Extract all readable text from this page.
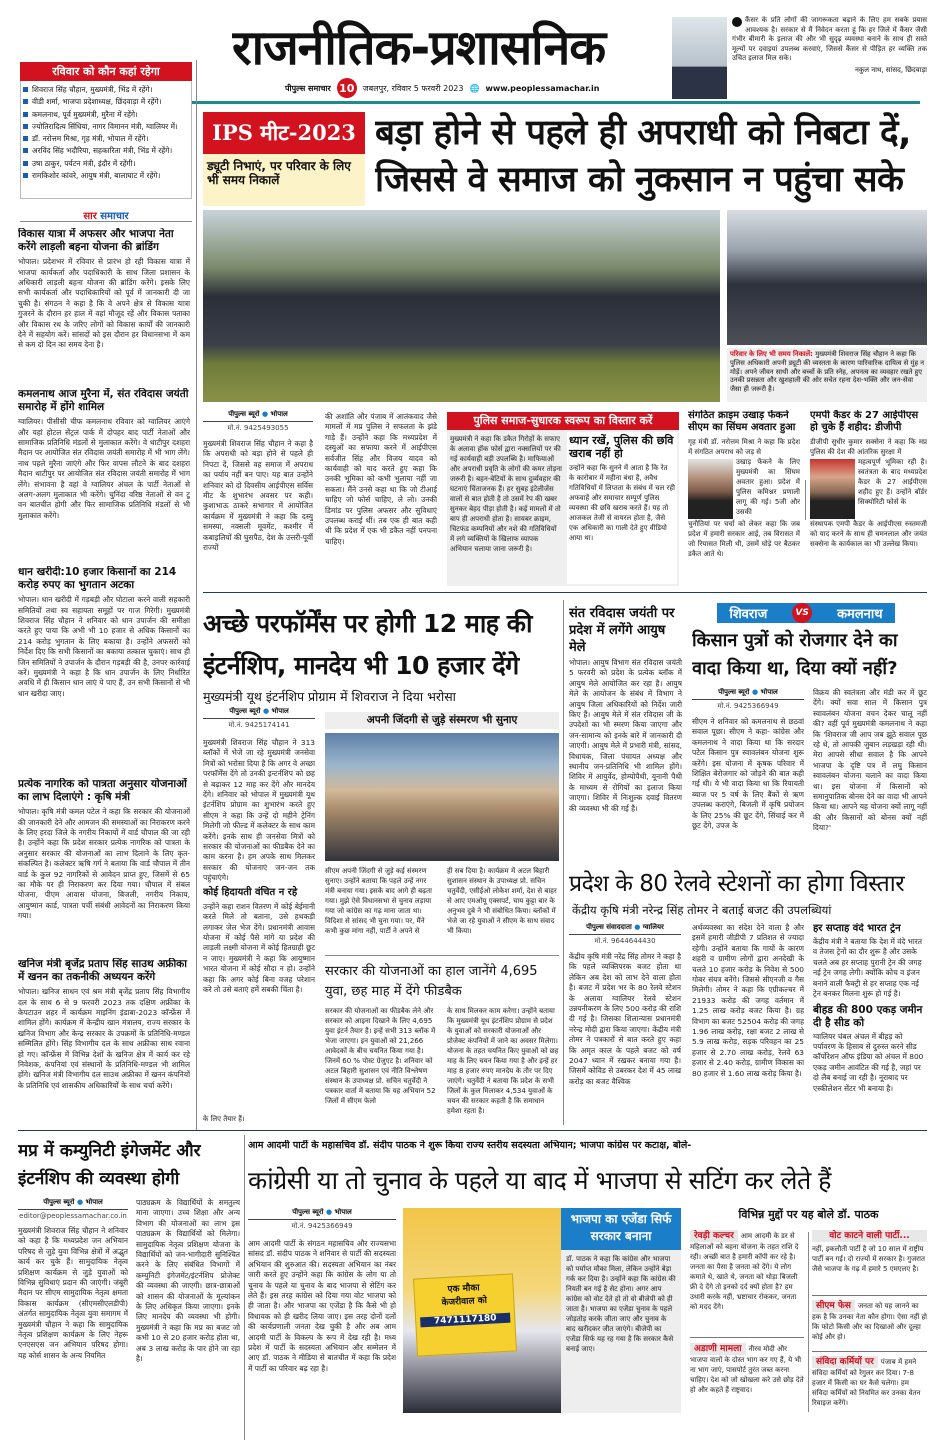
राजनीतिक-प्रशासनिक
पीपुल्स समाचार 10 जबलपुर, रविवार 5 फरवरी 2023 🌐 www.peoplessamachar.in
कैंसर के प्रति लोगों की जागरूकता बढ़ाने के लिए हम सबके प्रयास आवश्यक है। सरकार से मैं निवेदन करता हूं कि हर जिले में कैंसर जैसी गंभीर बीमारी के इलाज की और भी सुदृढ़ व्यवस्था बनाने के साथ ही सस्ते मूल्यों पर दवाइयां उपलब्ध करवाएं, जिससे कैंसर से पीड़ित हर व्यक्ति तक उचित इलाज मिल सके।
नकुल नाथ, सांसद, छिंदवाड़ा
रविवार को कौन कहां रहेगा
शिवराज सिंह चौहान, मुख्यमंत्री, भिंड में रहेंगे।
वीडी शर्मा, भाजपा प्रदेशाध्यक्ष, छिंदवाड़ा में रहेंगे।
कमलनाथ, पूर्व मुख्यमंत्री, मुरैना में रहेंगे।
ज्योतिरादित्य सिंधिया, नागर विमानन मंत्री, ग्वालियर में।
डॉ. नरोत्तम मिश्रा, गृह मंत्री, भोपाल में रहेंगे।
अरविंद सिंह भदौरिया, सहकारिता मंत्री, भिंड में रहेंगे।
उषा ठाकुर, पर्यटन मंत्री, इंदौर में रहेंगी।
रामकिशोर कांवरे, आयुष मंत्री, बालाघाट में रहेंगे।
सार समाचार
विकास यात्रा में अफसर और भाजपा नेता करेंगे लाड़ली बहना योजना की ब्रांडिंग
भोपाल। प्रदेशभर में रविवार से प्रारंभ हो रही विकास यात्रा में भाजपा कार्यकर्ता और पदाधिकारी के साथ जिला प्रशासन के अधिकारी लाड़ली बहना योजना की ब्रांडिंग करेंगे। इसके लिए सभी कार्यकर्ता और पदाधिकारियों को पूर्व में जानकारी दी जा चुकी है। संगठन ने कहा है कि वे अपने क्षेत्र से विकास यात्रा गुजरने के दौरान हर हाल में वहां मौजूद रहें और विकास पताका और विकास रथ के जरिए लोगों को विकास कार्यों की जानकारी देने में सहयोग करें। सांसदों को इस दौरान हर विधानसभा में कम से कम दो दिन का समय देना है।
कमलनाथ आज मुरैना में, संत रविदास जयंती समारोह में होंगे शामिल
ग्वालियर। पीसीसी चीफ कमलनाथ रविवार को ग्वालियर आएंगे और यहां होटल सेंट्रल पार्क में दोपहर बाद पार्टी नेताओं और सामाजिक प्रतिनिधि मंडलों से मुलाकात करेंगे। वे थाटीपुर दशहरा मैदान पर आयोजित संत रविदास जयंती समारोह में भी भाग लेंगे। नाथ पहले मुरैना जाएंगे और फिर वापस लौटने के बाद दशहरा मैदान थाटीपुर पर आयोजित संत रविदास जयंती समारोह में भाग लेंगे। संभावना है वहां वे ग्वालियर अंचल के पार्टी नेताओं से अलग-अलग मुलाकात भी करेंगे। चुनिंदा वरिष्ठ नेताओं से वन टू वन बातचीत होगी और फिर सामाजिक प्रतिनिधि मंडलों से भी मुलाकात करेंगे।
धान खरीदी:10 हजार किसानों का 214 करोड़ रुपए का भुगतान अटका
भोपाल। धान खरीदी में गड़बड़ी और घोटाला करने वाली सहकारी समितियों तथा स्व सहायता समूहों पर गाज गिरेगी। मुख्यमंत्री शिवराज सिंह चौहान ने शनिवार को धान उपार्जन की समीक्षा करते हुए पाया कि अभी भी 10 हजार से अधिक किसानों का 214 करोड़ भुगतान के लिए बकाया है। उन्होंने अफसरों को निर्देश दिए कि सभी किसानों का बकाया तत्काल चुकाएं। साथ ही जिन समितियों ने उपार्जन के दौरान गड़बड़ी की है, उनपर कार्रवाई करें। मुख्यमंत्री ने कहा है कि धान उपार्जन के लिए निर्धारित अवधि में ही किसान धान लाएं ये पाए हैं, उन सभी किसानों से भी धान खरीदा जाए।
प्रत्येक नागरिक को पात्रता अनुसार योजनाओं का लाभ दिलाएंगे : कृषि मंत्री
भोपाल। कृषि मंत्री कमल पटेल ने कहा कि सरकार की योजनाओं की जानकारी देने और आमजन की समस्याओं का निराकरण करने के लिए हरदा जिले के नगरीय निकायों में वार्ड चौपाल की जा रही है। उन्होंने कहा कि प्रदेश सरकार प्रत्येक नागरिक को पात्रता के अनुसार सरकार की योजनाओं का लाभ दिलाने के लिए कृत-संकल्पित है। कलेक्टर ऋषि गर्ग ने बताया कि वार्ड चौपाल में तीन वार्ड के कुल 92 नागरिकों से आवेदन प्राप्त हुए, जिसमें से 65 का मौके पर ही निराकरण कर दिया गया। चौपाल में संबल योजना, पीएम आवास योजना, बिजली, नगरीय निकाय, आयुष्मान कार्ड, पात्रता पर्ची संबंधी आवेदनों का निराकरण किया गया।
खनिज मंत्री बृजेंद्र प्रताप सिंह साउथ अफ्रीका में खनन का तकनीकी अध्ययन करेंगे
भोपाल। खनिज साधन एवं श्रम मंत्री बृजेंद्र प्रताप सिंह विभागीय दल के साथ 6 से 9 फरवरी 2023 तक दक्षिण अफ्रीका के केपटाउन शहर में कार्यक्रम माइनिंग इंडाबा-2023 कॉन्फ्रेंस में शामिल होंगे। कार्यक्रम में केन्द्रीय खान मंत्रालय, राज्य सरकार के खनिज विभाग और केन्द्र सरकार के उपक्रमों के प्रतिनिधि-मण्डल सम्मिलित होंगे। सिंह विभागीय दल के साथ अफ्रीका साथ रवाना हो गए। कॉन्फ्रेंस में विभिन्न देशों के खनिज क्षेत्र में कार्य कर रहे निवेशक, कंपनियां एवं संस्थानों के प्रतिनिधि-मण्डल भी शामिल होंगे। खनिज मंत्री विभागीय दल साउथ अफ्रीका में खनन कंपनियों के प्रतिनिधि एवं शासकीय अधिकारियों के साथ चर्चा करेंगे।
IPS मीट-2023
ड्यूटी निभाएं, पर परिवार के लिए भी समय निकालें
बड़ा होने से पहले ही अपराधी को निबटा दें, जिससे वे समाज को नुकसान न पहुंचा सके
परिवार के लिए भी समय निकालें: मुख्यमंत्री शिवराज सिंह चौहान ने कहा कि पुलिस अधिकारी अपनी ड्यूटी की व्यस्तता के कारण पारिवारिक दायित्व से मुंह न मोड़ें। अपने जीवन साथी और बच्चों के प्रति स्नेह, अपनत्व का व्यवहार रखते हुए उनकी प्रसन्नता और खुशहाली की ओर सचेत रहना देश-भक्ति और जन-सेवा जैसा ही जरूरी है।
पीपुल्स ब्यूरो ● भोपाल
मो.नं. 9425493055
मुख्यमंत्री शिवराज सिंह चौहान ने कहा है कि अपराधी को बड़ा होने से पहले ही निपटा दें, जिससे वह समाज में अपराध का पर्याय नहीं बन पाए। यह बात उन्होंने शनिवार को दो दिवसीय आईपीएस सर्विस मीट के शुभारंभ अवसर पर कही। कुशाभाऊ ठाकरे सभागार में आयोजित कार्यक्रम में मुख्यमंत्री ने कहा कि दस्यु समस्या, नक्सली मूवमेंट, कश्मीर में कबाइलियों की घुसपैठ, देश के उत्तरी-पूर्वी राज्यों
की अशांति और पंजाब में आतंकवाद जैसे मामलों में मप्र पुलिस ने सफलता के झंडे गाड़े हैं। उन्होंने कहा कि मध्यप्रदेश में दस्युओं का सफाया करने में आईपीएस सर्वजीत सिंह और विजय यादव को कार्यवाही को याद करते हुए कहा कि उनकी भूमिका को कभी भुलाया नहीं जा सकता। मैंने उनसे कहा था कि जो टीआई चाहिए जो फोर्स चाहिए, ले लो। उनकी डिमांड पर पुलिस अफसर और सुविधाएं उपलब्ध कराई थीं। तब एक ही बात कही थी कि प्रदेश में एक भी डकैत नहीं पनपना चाहिए।
पुलिस समाज-सुधारक स्वरूप का विस्तार करें
मुख्यमंत्री ने कहा कि डकैत गिरोहों के सफाए के अलावा हॉक फोर्स द्वारा नक्सलियों पर की गई कार्यवाही बड़ी उपलब्धि है। माफियाओं और अपराधी प्रवृति के लोगों की कमर तोड़ना जरूरी है। बहन-बेटियों के साथ दुर्व्यवहार की घटनाएं चिंताजनक हैं। हर सुबह इंटेलीजेंस वालों से बात होती है तो उसमें रेप की खबर सुनकर बेहद पीड़ा होती है। कई मामलों में तो बाप ही अपराधी होता है। सायबर क्राइम, चिटफंड कम्पनियों और नशे की गतिविधियों में लगे व्यक्तियों के खिलाफ व्यापक अभियान चलाया जाना जरूरी है।
ध्यान रखें, पुलिस की छवि खराब नहीं हो
उन्होंने कहा कि सुनने में आता है कि रेत के कारोबार में महीना बंधा है, अवैध गतिविधियों में लिप्तता के संबंध में चल रही अफवाहें और समाचार सम्पूर्ण पुलिस व्यवस्था की छवि खराब करते हैं। यह तो आजकल तेजी से वायरल होता है, जैसे एक अधिकारी का गाली देते हुए वीडियो आया था।
संगठित क्राइम उखाड़ फेंकने सीएम का सिंघम अवतार हुआ
गृह मंत्री डॉ. नरोत्तम मिश्रा ने कहा कि प्रदेश में संगठित अपराध को जड़ से
उखाड़ फेंकने के लिए मुख्यमंत्री का सिंघम अवतार हुआ। प्रदेश में पुलिस कमिश्नर प्रणाली लागू की गई। 5जी और उसकी
चुनौतियां पर चर्चा को लेकर कहा कि जब प्रदेश में हमारी सरकार आई, तब विरासत में जो रियासत मिली थी, उसमें घोड़े पर बैठकर डकैत आते थे।
एमपी कैडर के 27 आईपीएस हो चुके हैं शहीद: डीजीपी
डीजीपी सुधीर कुमार सक्सेना ने कहा कि मप्र पुलिस की देश की आंतरिक सुरक्षा में
महत्वपूर्ण भूमिका रही है। स्वतंत्रता के बाद मध्यप्रदेश कैडर के 27 आईपीएस शहीद हुए हैं। उन्होंने बॉर्डर सिक्योरिटी फोर्स के
संस्थापक एमपी कैडर के आईपीएस रुस्तमजी को याद करने के साथ ही चमनलाल और जयंत सक्सेना के कार्यकाल का भी उल्लेख किया।
अच्छे परफॉर्मेंस पर होगी 12 माह की इंटर्नशिप, मानदेय भी 10 हजार देंगे
मुख्यमंत्री यूथ इंटर्नशिप प्रोग्राम में शिवराज ने दिया भरोसा
पीपुल्स ब्यूरो ● भोपाल
मो.नं. 9425174141
मुख्यमंत्री शिवराज सिंह चौहान ने 313 ब्लॉकों में भेजे जा रहे मुख्यमंत्री जनसेवा मित्रों को भरोसा दिया है कि अगर वे अच्छा परफॉर्मेंस देंगे तो उनकी इन्टर्नशिप को छह से बढ़ाकर 12 माह कर देंगे और मानदेय देंगे। शनिवार को भोपाल में मुख्यमंत्री यूथ इंटर्नशिप प्रोग्राम का शुभारंभ करते हुए सीएम ने कहा कि उन्हें दो महीने ट्रेनिंग मिलेगी जो फील्ड में कलेक्टर के साथ काम करेंगे। इनके साथ ही जनसेवा मित्रों को सरकार की योजनाओं का फीडबैक देने का काम करना है। हम अपके साथ मिलकर सरकार की योजनाएं जन-जन तक पहुंचाएंगे।
कोई हिदायती वंचित न रहे
उन्होंने कहा राशन वितरण में कोई बेईमानी करते मिले तो बताना, उसे हथकड़ी लगाकर जेल भेज देंगे। प्रधानमंत्री आवास योजना में कोई पैसे मांगे या प्रदेश की लाड़ली लक्ष्मी योजना में कोई हितग्राही छूट न जाए। मुख्यमंत्री ने कहा कि आयुष्मान भारत योजना में कोई सौदा न हो। उन्होंने कहा कि अगर कोई बिना वजह परेशान करे तो उसे बताएं हमें सबकी चिंता है।
के लिए तैयार हैं।
अपनी जिंदगी से जुड़े संस्मरण भी सुनाए
सीएम अपनी जिंदगी से जुड़े कई संस्मरण सुनाए। उन्होंने बताया कि पहले उन्हें नगर मंत्री बनाया गया। इसके बाद आगे ही बढ़ता गया। मुझे ऐसे विधानसभा से चुनाव लड़ाया गया जो कांग्रेस का गढ़ माना जाता था। विदिशा से सांसद भी चुना गया। पर, मैंने कभी कुछ मांगा नहीं, पार्टी ने अपने से
ही सब दिया है। कार्यक्रम में अटल बिहारी सुशासन संस्थान के उपाध्यक्ष प्रो. सचिन चतुर्वेदी, एसीईओ लोकेश शर्मा, देश से बाहर से आए एमओयू एक्सपर्ट, चाय कुट्टा बार के अनुभव दुबे ने भी संबोधित किया। ब्लॉकों में भेजे जा रहे युवाओं ने सीएम के साथ संवाद भी किया।
सरकार की योजनाओं का हाल जानेंगे 4,695 युवा, छह माह में देंगे फीडबैक
सरकार की योजनाओं का फीडबैक लेने और सरकार को आइना दिखाने के लिए 4,695 युवा इंटर्न तैयार है। इन्हें सभी 313 ब्लॉक में भेजा जाएगा। इन युवाओं को 21,266 आवेदकों के बीच चयनित किया गया है। जिनमें 60 % पोस्ट ग्रेजुएट है। शनिवार को अटल बिहारी सुशासन एवं नीति विश्लेषण संस्थान के उपाध्यक्ष प्रो. सचिन चतुर्वेदी ने पत्रकार वार्ता में बताया कि यह अभियान 52 जिलों में सीएम फेलो
के साथ मिलकर काम करेगा। उन्होंने बताया कि मुख्यमंत्री यूथ इंटर्नशिप प्रोग्राम से प्रदेश के युवाओं को सरकारी योजनाओं और प्रोजेक्ट कंपनियों में जाने का अवसर मिलेगा। योजना के तहत चयनित किए युवाओं को छह माह के लिए चयन किया गया है और इन्हें हर माह 8 हजार रुपए मानदेय के तौर पर दिए जाएंगे। चतुर्वेदी ने बताया कि प्रदेश के सभी जिलों के कुल मिलाकर 4,534 युवाओं के चयन की सरकार कहती है कि समाधान हमेशा रहता है।
संत रविदास जयंती पर प्रदेश में लगेंगे आयुष मेले
भोपाल। आयुष विभाग संत रविदास जयंती 5 फरवरी को प्रदेश के प्रत्येक ब्लॉक में आयुष मेले आयोजित कर रहा है। आयुष मेले के आयोजन के संबंध में विभाग ने आयुष जिला अधिकारियों को निर्देश जारी किए हैं। आयुष मेले में संत रविदास जी के उपदेशों का भी स्मरण किया जाएगा और जन-सामान्य को इनके बारे में जानकारी दी जाएगी। आयुष मेले में प्रभारी मंत्री, सांसद, विधायक, जिला पंचायत अध्यक्ष और स्थानीय जन-प्रतिनिधि भी शामिल होंगे। शिविर में आयुर्वेद, होम्योपैथी, यूनानी पैथी के माध्यम से रोगियों का इलाज किया जाएगा। शिविर में निःशुल्क दवाई वितरण की व्यवस्था भी की गई है।
शिवराज	VS कमलनाथ
किसान पुत्रों को रोजगार देने का वादा किया था, दिया क्यों नहीं?
पीपुल्स ब्यूरो ● भोपाल
मो.नं. 9425366949
सीएम ने शनिवार को कमलनाथ से छठवां सवाल पूछा। सीएम ने कहा- कांग्रेस और कमलनाथ ने वादा किया था कि सरदार पटेल किसान पुत्र स्वावलंबन योजना शुरू करेंगे। इस योजना में कृषक परिवार में शिक्षित बेरोजगार को जोड़ने की बात कही गई थी। ये भी वादा किया था कि रियायती ब्याज पर 5 वर्ष के लिए बैंकों से ऋण उपलब्ध कराएंगे, बिजली में कृषि प्रयोजन के लिए 25% की छूट देंगे, सिंचाई कर में छूट देंगे, उपज के
विक्रय की स्वतंत्रता और मंडी कर में छूट देंगे। क्यों सवा साल में किसान पुत्र स्वावलंबन योजना वचन देकर चालू नहीं की? वहीं पूर्व मुख्यमंत्री कमलनाथ ने कहा कि 'शिवराज जी आप जब झूठे सवाल पूछ रहे थे, तो आपकी जुबान लड़खड़ा रही थी। मेरा आपसे सीधा सवाल है कि आपने भाजपा के दृष्टि पत्र में लघु किसान स्वावलंबन योजना चलाने का वादा किया था। इस योजना में किसानों को समानुपातिक बोनस देने का वादा भी आपने किया था। आपने यह योजना क्यों लागू नहीं की और किसानों को बोनस क्यों नहीं दिया?'
प्रदेश के 80 रेलवे स्टेशनों का होगा विस्तार
केंद्रीय कृषि मंत्री नरेन्द्र सिंह तोमर ने बताई बजट की उपलब्धियां
पीपुल्स संवाददाता ● ग्वालियर
मो.नं. 9644644430
केंद्रीय कृषि मंत्री नरेंद्र सिंह तोमर ने कहा है कि पहले व्यक्तिपरक बजट होता था लेकिन अब देश को लाभ देने वाला होता है। बजट में प्रदेश भर के 80 रेलवे स्टेशन के अलावा ग्वालियर रेलवे स्टेशन उन्नयनीकरण के लिए 500 करोड़ की राशि दी गई है। जिसका शिलान्यास प्रधानमंत्री नरेन्द्र मोदी द्वारा किया जाएगा। केंद्रीय मंत्री तोमर ने पत्रकारों से बात करते हुए कहा कि अमृत काल के पहले बजट को वर्ष 2047 ध्यान में रखकर बनाया गया है। जिसमें कोविड से उबरकर देश में 45 लाख करोड़ का बजट वैश्विक
अर्थव्यवस्था का संदेश देने वाला है और इसमें हमारी जीडीपी 7 प्रतिशत से ज्यादा रहेगी। उन्होंने बताया कि गायों के कारण शहरी व ग्रामीण लोगों द्वारा अनदेखी के चलते 10 हजार करोड़ के निवेश से 500 गोबर संयत्र बनेंगे। जिससे सीएनजी व गैस मिलेगी। तोमर ने कहा कि एग्रीकल्चर में 21933 करोड़ की जगह वर्तमान में 1.25 लाख करोड़ बजट किया है। ग्रह विभाग का बजट 52504 करोड़ की जगह 1.96 लाख करोड़, रक्षा बजट 2 लाख से 5.9 लाख करोड़, सड़क परिवहन का 25 हजार से 2.70 लाख करोड़, रेलवे 63 हजार से 2.40 करोड़, ग्रामीण विकास का 80 हजार से 1.60 लाख करोड़ किया है।
हर सप्ताह वंदे भारत ट्रेन
केंद्रीय मंत्री ने बताया कि देश में वंदे भारत व तेजस ट्रेनों का दौर शुरू है और उसके चलते अब हर सप्ताह पुरानी ट्रेन की जगह नई ट्रेन जगह लेगी। क्योंकि कोच व इंजन बनाने वाली फैक्ट्री से हर सप्ताह एक नई ट्रेन बनकर मिलना शुरू हो गई है।
बीहड की 800 एकड़ जमीन दी है सीड को
ग्वालियर चंबल अंचल में बीहड़ को पर्यावरण के हिसाब से दुरुस्त करने सीड कॉर्पोरेशन ऑफ इंडिया को अंचल में 800 एकड़ जमीन आवंटित की गई है, जहां पर दो लैब बनाई जा रही है। नूराबाद पर एस्कीलेशन सेंटर भी बनाया है।
मप्र में कम्युनिटी इंगेजमेंट और इंटर्नशिप की व्यवस्था होगी
पीपुल्स ब्यूरो ● भोपाल
editor@peoplessamachar.co.in
मुख्यमंत्री शिवराज सिंह चौहान ने शनिवार को कहा है कि मध्यप्रदेश जन अभियान परिषद से जुड़े युवा विभिन्न क्षेत्रों में अद्भुत कार्य कर चुके हैं। सामुदायिक नेतृत्व प्रशिक्षण कार्यक्रम से जुड़े युवाओं को विभिन्न सुविधाएं प्रदान की जाएंगी। जंबूरी मैदान पर सीएम सामुदायिक नेतृत्व क्षमता विकास कार्यक्रम (सीएमसीएलडीपी) अंतर्गत सामुदायिक नेतृत्व युवा समागम में मुख्यमंत्री चौहान ने कहा कि सामुदायिक नेतृत्व प्रशिक्षण कार्यक्रम के लिए नेहरू एनएसएस जन अभियान परिषद होगा। यह कोर्स शासन के अन्य नियमित
पाठ्यक्रम के विद्यार्थियों के समतुल्य माना जाएगा। उच्च शिक्षा और अन्य विभाग की योजनाओं का लाभ इस पाठ्यक्रम के विद्यार्थियों को मिलेगा। सामुदायिक नेतृत्व प्रशिक्षण योजना के विद्यार्थियों को जन-भागीदारी सुनिश्चित करने के लिए संबंधित विभागों में कम्युनिटी इंगेजमेंट/इंटर्नशिप प्रोजेक्ट की व्यवस्था की जाएगी। छात्र-छात्राओं को शासन की योजनाओं के मूल्यांकन के लिए अधिकृत किया जाएगा। इनके लिए मानदेय की व्यवस्था भी होगी। मुख्यमंत्री ने कहा कि मप्र का बजट जो कभी 10 से 20 हजार करोड़ होता था, अब 3 लाख करोड़ के पार होने जा रहा है।
आम आदमी पार्टी के महासचिव डॉ. संदीप पाठक ने शुरू किया राज्य स्तरीय सदस्यता अभियान; भाजपा कांग्रेस पर कटाक्ष, बोले-
कांग्रेसी या तो चुनाव के पहले या बाद में भाजपा से सटिंग कर लेते हैं
पीपुल्स ब्यूरो ● भोपाल
मो.नं. 9425366949
आम आदमी पार्टी के संगठन महासचिव और राज्यसभा सांसद डॉ. संदीप पाठक ने शनिवार से पार्टी की सदस्यता अभियान की शुरुआत की। सदस्यता अभियान का नंबर जारी करते हुए उन्होंने कहा कि कांग्रेस के लोग या तो चुनाव के पहले या चुनाव के बाद भाजपा से सेटिंग कर लेते हैं। इस तरह कांग्रेस को दिया गया वोट भाजपा को ही जाता है। और भाजपा का एजेंडा है कि कैसे भी हो विधायक को ही खरीद लिया जाए। इस तरह दोनों दलों की कार्यप्रणाली जनता देख चुकी है और अब आम आदमी पार्टी के विकल्प के रूप में देख रही है। मध्य प्रदेश में पार्टी के सदस्यता अभियान और सम्मेलन में आए डॉ. पाठक ने मीडिया से बातचीत में कहा कि प्रदेश में पार्टी का परिवार बढ़ रहा है।
एक मौका
केजरीवाल को
7471117180
भाजपा का एजेंडा सिर्फ सरकार बनाना
डॉ. पाठक ने कहा कि कांग्रेस और भाजपा को पर्याप्त मौका मिला, लेकिन उन्होंने बेड़ा गर्क कर दिया है। उन्होंने कहा कि कांग्रेस की नियती बन गई है सेट होना। अगर आप कांग्रेस को वोट देते हो तो वो बीजेपी को ही जाता है। भाजपा का एजेंडा चुनाव के पहले जोड़तोड़ करके जीता जाए और चुनाव के बाद खरीदकर जीत जाएंगे। बीजेपी का एजेंडा सिर्फ यह रह गया है कि सरकार कैसे बनाई जाए।
विभिन्न मुद्दों पर यह बोले डॉ. पाठक
रेवड़ी कल्चर आम आदमी के डर से महिलाओं को बहना योजना के तहत राशि दे रही। अच्छी बात है हमारी कॉपी कर रहे है। जनता का पैसा है जनता को देंगे। ये लोग कमाते थे, खाते थे, जनता को थोड़ा बिजली फ्री दे देंगे तो इनको दर्द क्यों होता है? हम उधारी करके नहीं, भ्रष्टाचार रोककर, जनता को मदद देंगे।
अडाणी मामला नीरव मोदी और भाजपा वालों के दोस्त भाग कर गए हैं, ये भी ना भाग जाएं, पासपोर्ट तुरंत जब्त करना चाहिए। देश को जो खोखला करे उसे छोड़ देते हो और कहते हैं राष्ट्रवाद।
वोट काटने वाली पार्टी...
नहीं, इकलौती पार्टी है जो 10 साल में राष्ट्रीय पार्टी बन गई। दो राज्यों में सरकार है। गुजरात जैसे भाजपा के गढ़ में हमारे 5 एमएलए है।
सीएम फेस जनता को यह जानने का हक है कि उनका नेता कौन होगा। ऐसा नहीं हो कि फोटो किसी और का दिखाओ और दूल्हा कोई और हो।
संविदा कर्मियों पर पंजाब में हमने संविदा कर्मियों को रेगुलर कर दिया। 7-8 हजार में किसी का घर कैसे चलेगा। हम संविदा कर्मियों को नियमित कर उनका वेतन रिवाइज करेंगे।
